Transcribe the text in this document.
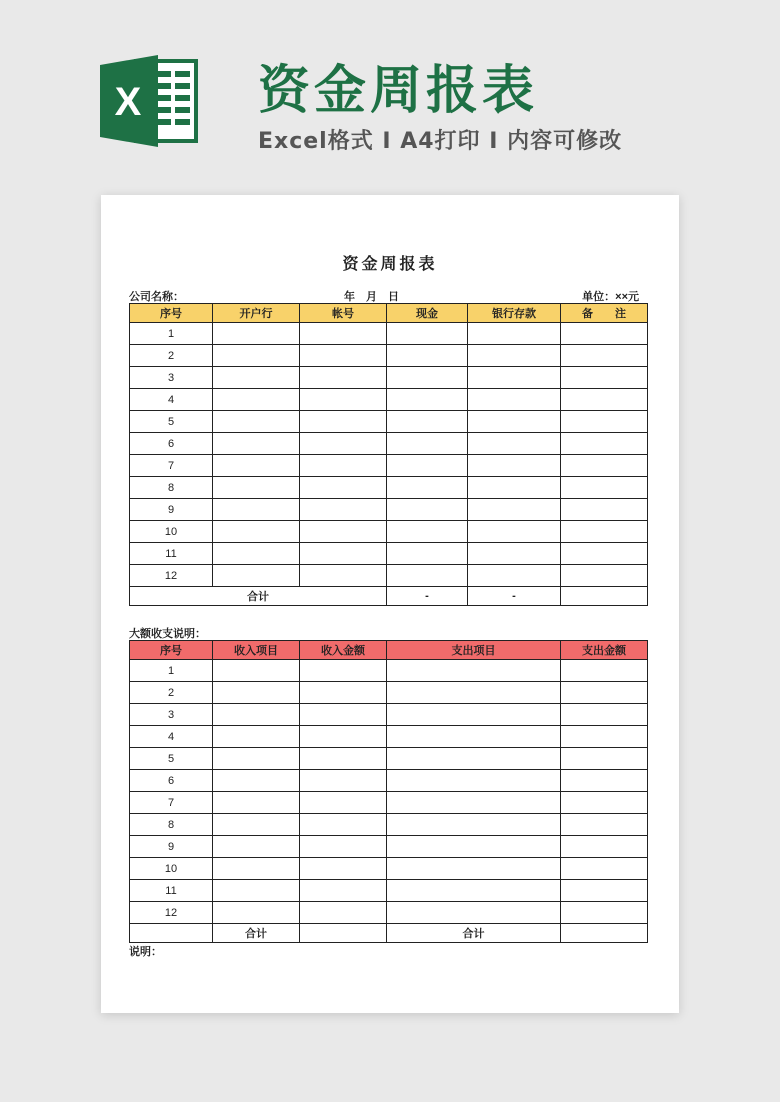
X 资金周报表
Excel格式 I A4打印 I 内容可修改
资金周报表
公司名称：	年　月　日	单位：××元
序号	开户行	帐号	现金	银行存款	备　　注
1					
2					
3					
4					
5					
6					
7					
8					
9					
10					
11					
12					
合计			-	-	
大额收支说明：
序号	收入项目	收入金额	支出项目	支出金额
1				
2				
3				
4				
5				
6				
7				
8				
9				
10				
11				
12				
	合计		合计	
说明：
